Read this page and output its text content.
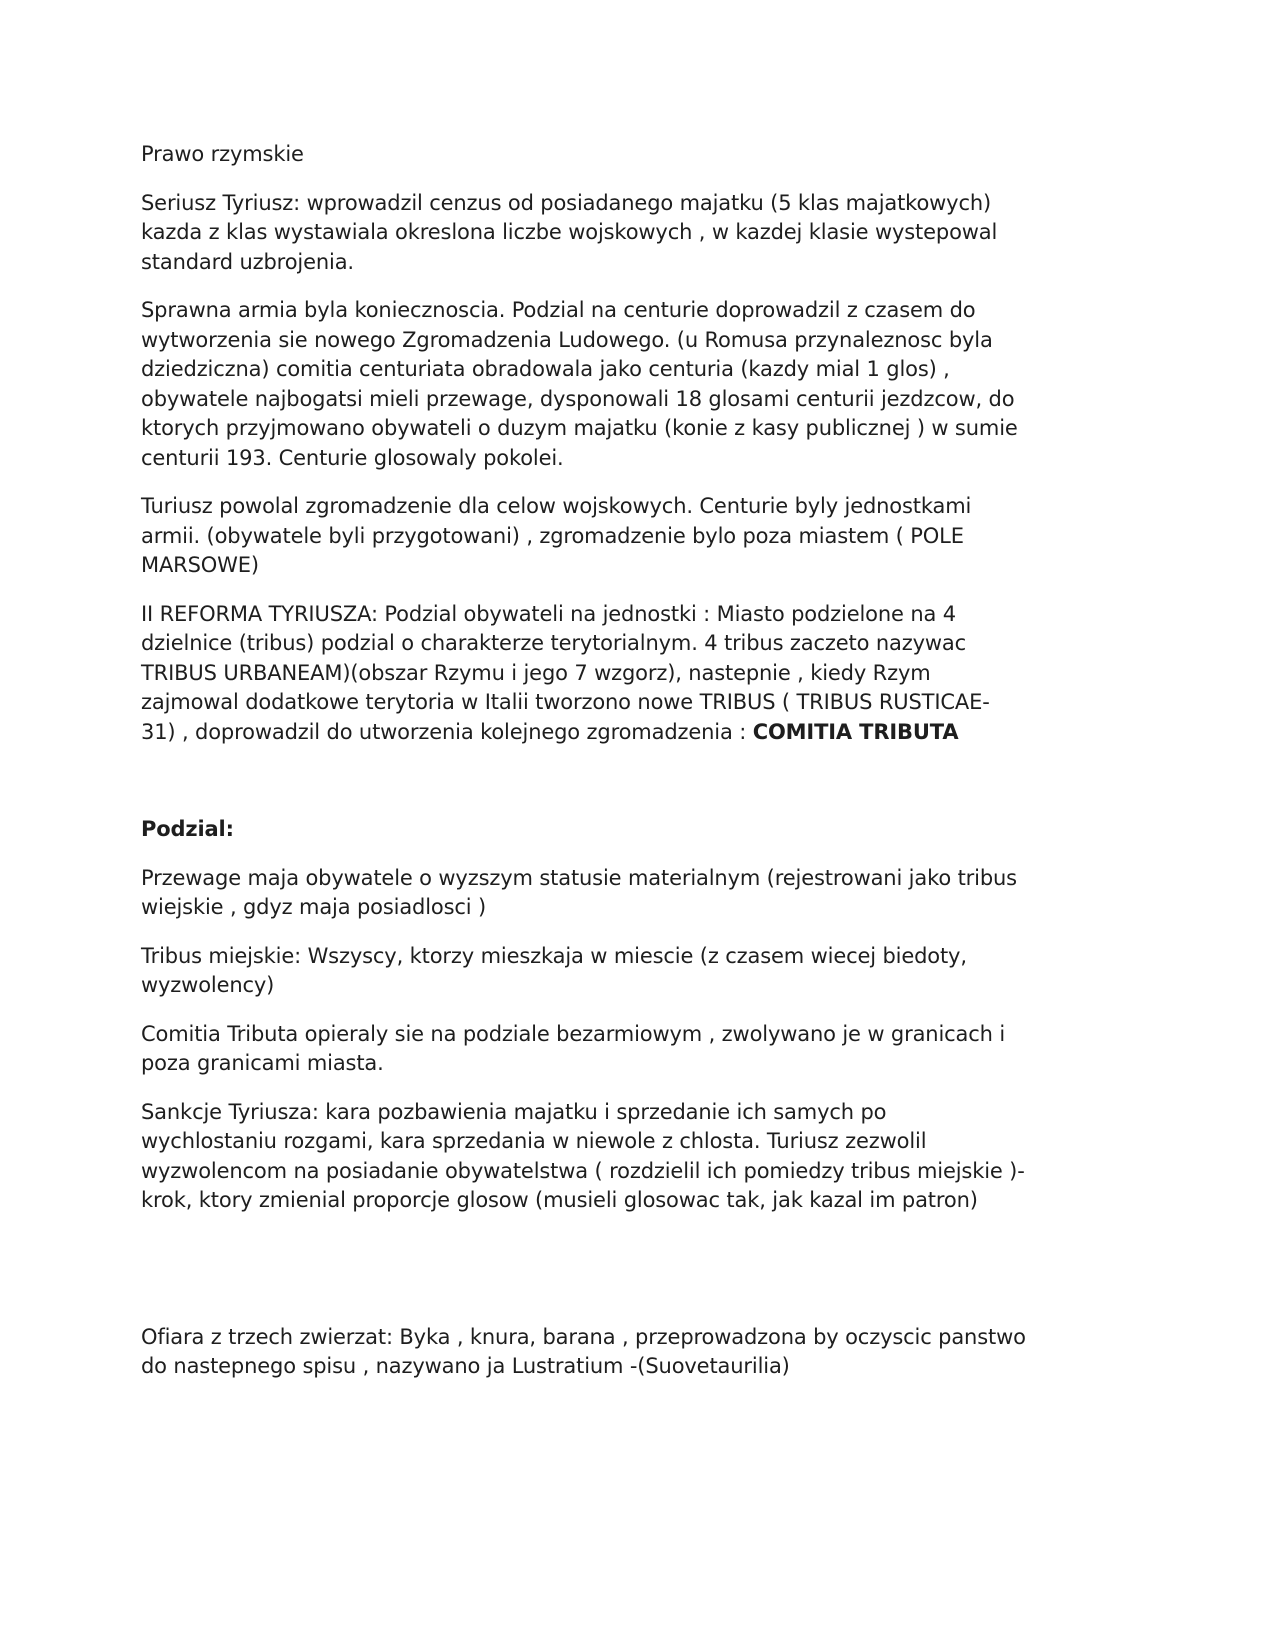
Prawo rzymskie

Seriusz Tyriusz: wprowadzil cenzus od posiadanego majatku (5 klas majatkowych)
kazda z klas wystawiala okreslona liczbe wojskowych , w kazdej klasie wystepowal
standard uzbrojenia.

Sprawna armia byla koniecznoscia. Podzial na centurie doprowadzil z czasem do
wytworzenia sie nowego Zgromadzenia Ludowego. (u Romusa przynaleznosc byla
dziedziczna) comitia centuriata obradowala jako centuria (kazdy mial 1 glos) ,
obywatele najbogatsi mieli przewage, dysponowali 18 glosami centurii jezdzcow, do
ktorych przyjmowano obywateli o duzym majatku (konie z kasy publicznej ) w sumie
centurii 193. Centurie glosowaly pokolei.

Turiusz powolal zgromadzenie dla celow wojskowych. Centurie byly jednostkami
armii. (obywatele byli przygotowani) , zgromadzenie bylo poza miastem ( POLE
MARSOWE)

II REFORMA TYRIUSZA: Podzial obywateli na jednostki : Miasto podzielone na 4
dzielnice (tribus) podzial o charakterze terytorialnym. 4 tribus zaczeto nazywac
TRIBUS URBANEAM)(obszar Rzymu i jego 7 wzgorz), nastepnie , kiedy Rzym
zajmowal dodatkowe terytoria w Italii tworzono nowe TRIBUS ( TRIBUS RUSTICAE-
31) , doprowadzil do utworzenia kolejnego zgromadzenia : COMITIA TRIBUTA

Podzial:

Przewage maja obywatele o wyzszym statusie materialnym (rejestrowani jako tribus
wiejskie , gdyz maja posiadlosci )

Tribus miejskie: Wszyscy, ktorzy mieszkaja w miescie (z czasem wiecej biedoty,
wyzwolency)

Comitia Tributa opieraly sie na podziale bezarmiowym , zwolywano je w granicach i
poza granicami miasta.

Sankcje Tyriusza: kara pozbawienia majatku i sprzedanie ich samych po
wychlostaniu rozgami, kara sprzedania w niewole z chlosta. Turiusz zezwolil
wyzwolencom na posiadanie obywatelstwa ( rozdzielil ich pomiedzy tribus miejskie )-
krok, ktory zmienial proporcje glosow (musieli glosowac tak, jak kazal im patron)

Ofiara z trzech zwierzat: Byka , knura, barana , przeprowadzona by oczyscic panstwo
do nastepnego spisu , nazywano ja Lustratium -(Suovetaurilia)
